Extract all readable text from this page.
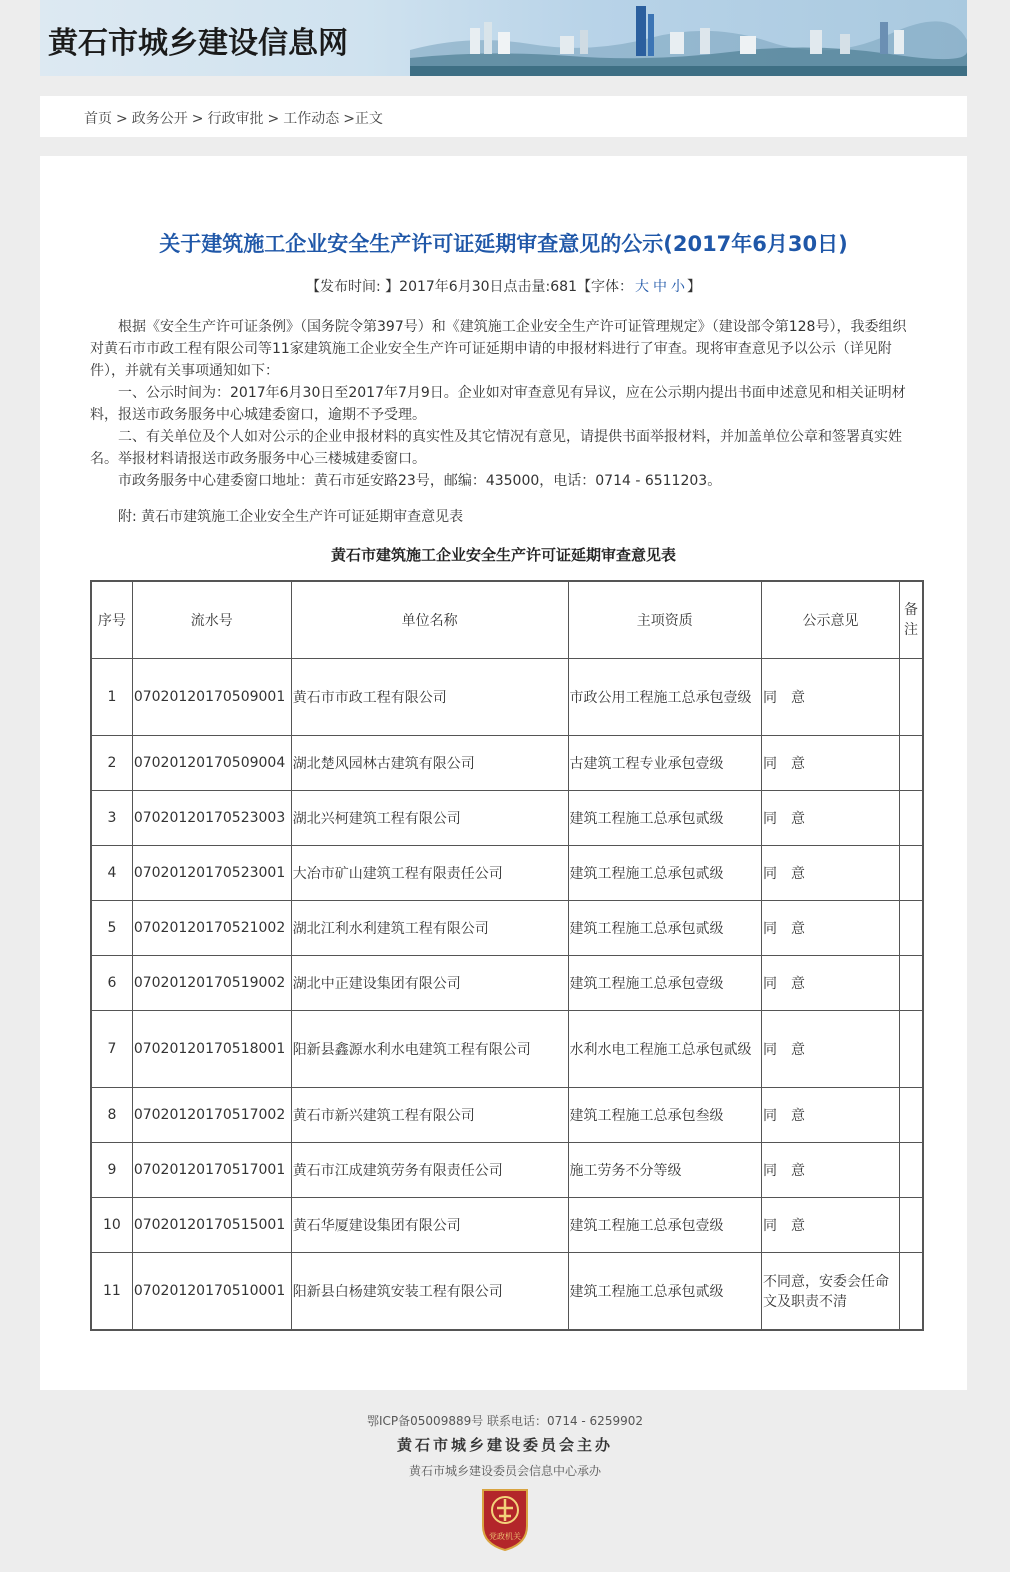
黄石市城乡建设信息网
首页 > 政务公开 > 行政审批 > 工作动态 >正文
关于建筑施工企业安全生产许可证延期审查意见的公示(2017年6月30日)
【发布时间: 】2017年6月30日点击量:681【字体： 大 中 小 】

根据《安全生产许可证条例》（国务院令第397号）和《建筑施工企业安全生产许可证管理规定》（建设部令第128号），我委组织对黄石市市政工程有限公司等11家建筑施工企业安全生产许可证延期申请的申报材料进行了审查。现将审查意见予以公示（详见附件），并就有关事项通知如下：

一、公示时间为：2017年6月30日至2017年7月9日。企业如对审查意见有异议，应在公示期内提出书面申述意见和相关证明材料，报送市政务服务中心城建委窗口，逾期不予受理。

二、有关单位及个人如对公示的企业申报材料的真实性及其它情况有意见，请提供书面举报材料，并加盖单位公章和签署真实姓名。举报材料请报送市政务服务中心三楼城建委窗口。

市政务服务中心建委窗口地址：黄石市延安路23号，邮编：435000，电话：0714 - 6511203。

附: 黄石市建筑施工企业安全生产许可证延期审查意见表
黄石市建筑施工企业安全生产许可证延期审查意见表
序号	流水号	单位名称	主项资质	公示意见	备注
1	07020120170509001	黄石市市政工程有限公司	市政公用工程施工总承包壹级	同　意	
2	07020120170509004	湖北楚风园林古建筑有限公司	古建筑工程专业承包壹级	同　意	
3	07020120170523003	湖北兴柯建筑工程有限公司	建筑工程施工总承包贰级	同　意	
4	07020120170523001	大冶市矿山建筑工程有限责任公司	建筑工程施工总承包贰级	同　意	
5	07020120170521002	湖北江利水利建筑工程有限公司	建筑工程施工总承包贰级	同　意	
6	07020120170519002	湖北中正建设集团有限公司	建筑工程施工总承包壹级	同　意	
7	07020120170518001	阳新县鑫源水利水电建筑工程有限公司	水利水电工程施工总承包贰级	同　意	
8	07020120170517002	黄石市新兴建筑工程有限公司	建筑工程施工总承包叁级	同　意	
9	07020120170517001	黄石市江成建筑劳务有限责任公司	施工劳务不分等级	同　意	
10	07020120170515001	黄石华厦建设集团有限公司	建筑工程施工总承包壹级	同　意	
11	07020120170510001	阳新县白杨建筑安装工程有限公司	建筑工程施工总承包贰级	不同意，安委会任命文及职责不清	
鄂ICP备05009889号 联系电话：0714 - 6259902
黄石市城乡建设委员会主办
黄石市城乡建设委员会信息中心承办
党政机关
